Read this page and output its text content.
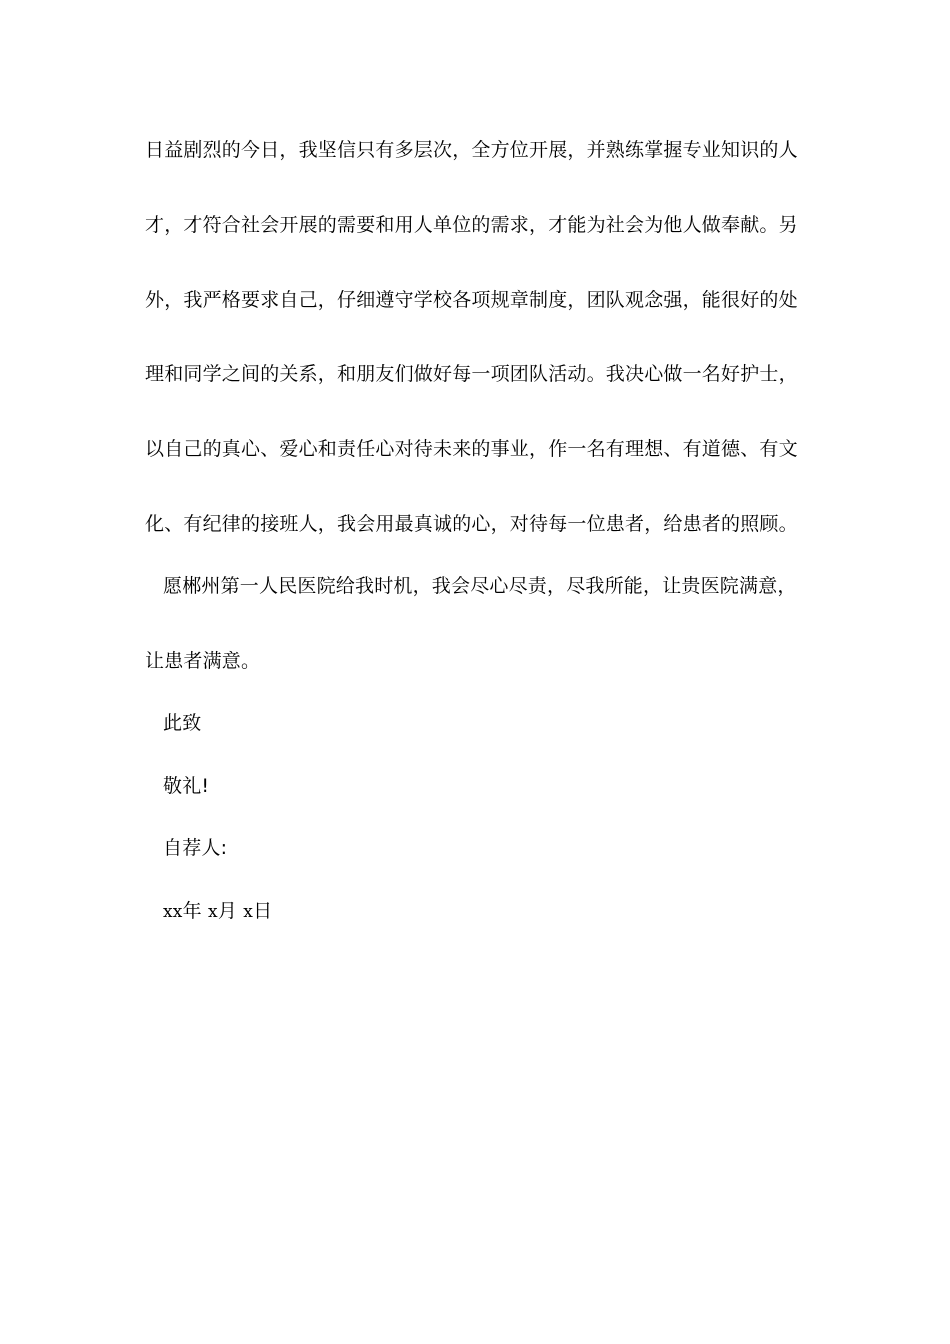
日益剧烈的今日，我坚信只有多层次，全方位开展，并熟练掌握专业知识的人
才，才符合社会开展的需要和用人单位的需求，才能为社会为他人做奉献。另
外，我严格要求自己，仔细遵守学校各项规章制度，团队观念强，能很好的处
理和同学之间的关系，和朋友们做好每一项团队活动。我决心做一名好护士，
以自己的真心、爱心和责任心对待未来的事业，作一名有理想、有道德、有文
化、有纪律的接班人，我会用最真诚的心，对待每一位患者，给患者的照顾。
愿郴州第一人民医院给我时机，我会尽心尽责，尽我所能，让贵医院满意，
让患者满意。
此致
敬礼!
自荐人:
xx年 x月 x日
